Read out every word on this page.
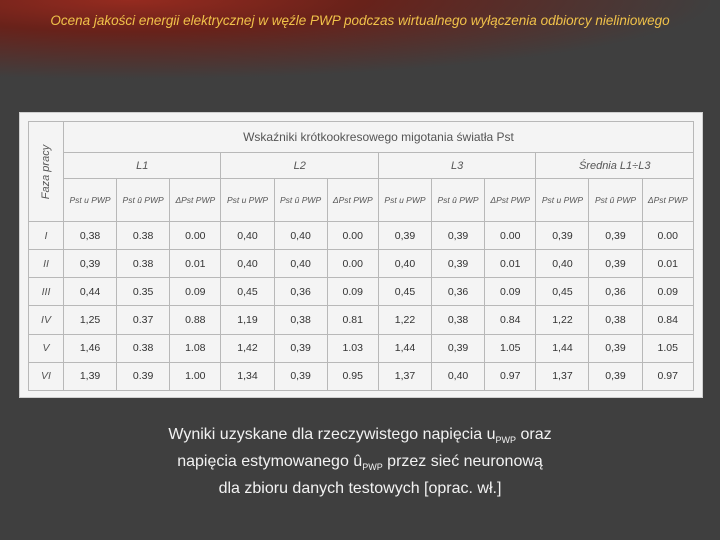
Ocena jakości energii elektrycznej w węźle PWP podczas wirtualnego wyłączenia odbiorcy nieliniowego
Faza pracy	Wskaźniki krótkookresowego migotania światła Pst											
	L1			L2			L3			Średnia L1÷L3		
	Pst u PWP	Pst û PWP	ΔPst PWP	Pst u PWP	Pst û PWP	ΔPst PWP	Pst u PWP	Pst û PWP	ΔPst PWP	Pst u PWP	Pst û PWP	ΔPst PWP
I	0,38	0.38	0.00	0,40	0,40	0.00	0,39	0,39	0.00	0,39	0,39	0.00
II	0,39	0.38	0.01	0,40	0,40	0.00	0,40	0,39	0.01	0,40	0,39	0.01
III	0,44	0.35	0.09	0,45	0,36	0.09	0,45	0,36	0.09	0,45	0,36	0.09
IV	1,25	0.37	0.88	1,19	0,38	0.81	1,22	0,38	0.84	1,22	0,38	0.84
V	1,46	0.38	1.08	1,42	0,39	1.03	1,44	0,39	1.05	1,44	0,39	1.05
VI	1,39	0.39	1.00	1,34	0,39	0.95	1,37	0,40	0.97	1,37	0,39	0.97
Wyniki uzyskane dla rzeczywistego napięcia $u_{PWP}$ oraz
napięcia estymowanego $û_{PWP}$ przez sieć neuronową
dla zbioru danych testowych [oprac. wł.]
